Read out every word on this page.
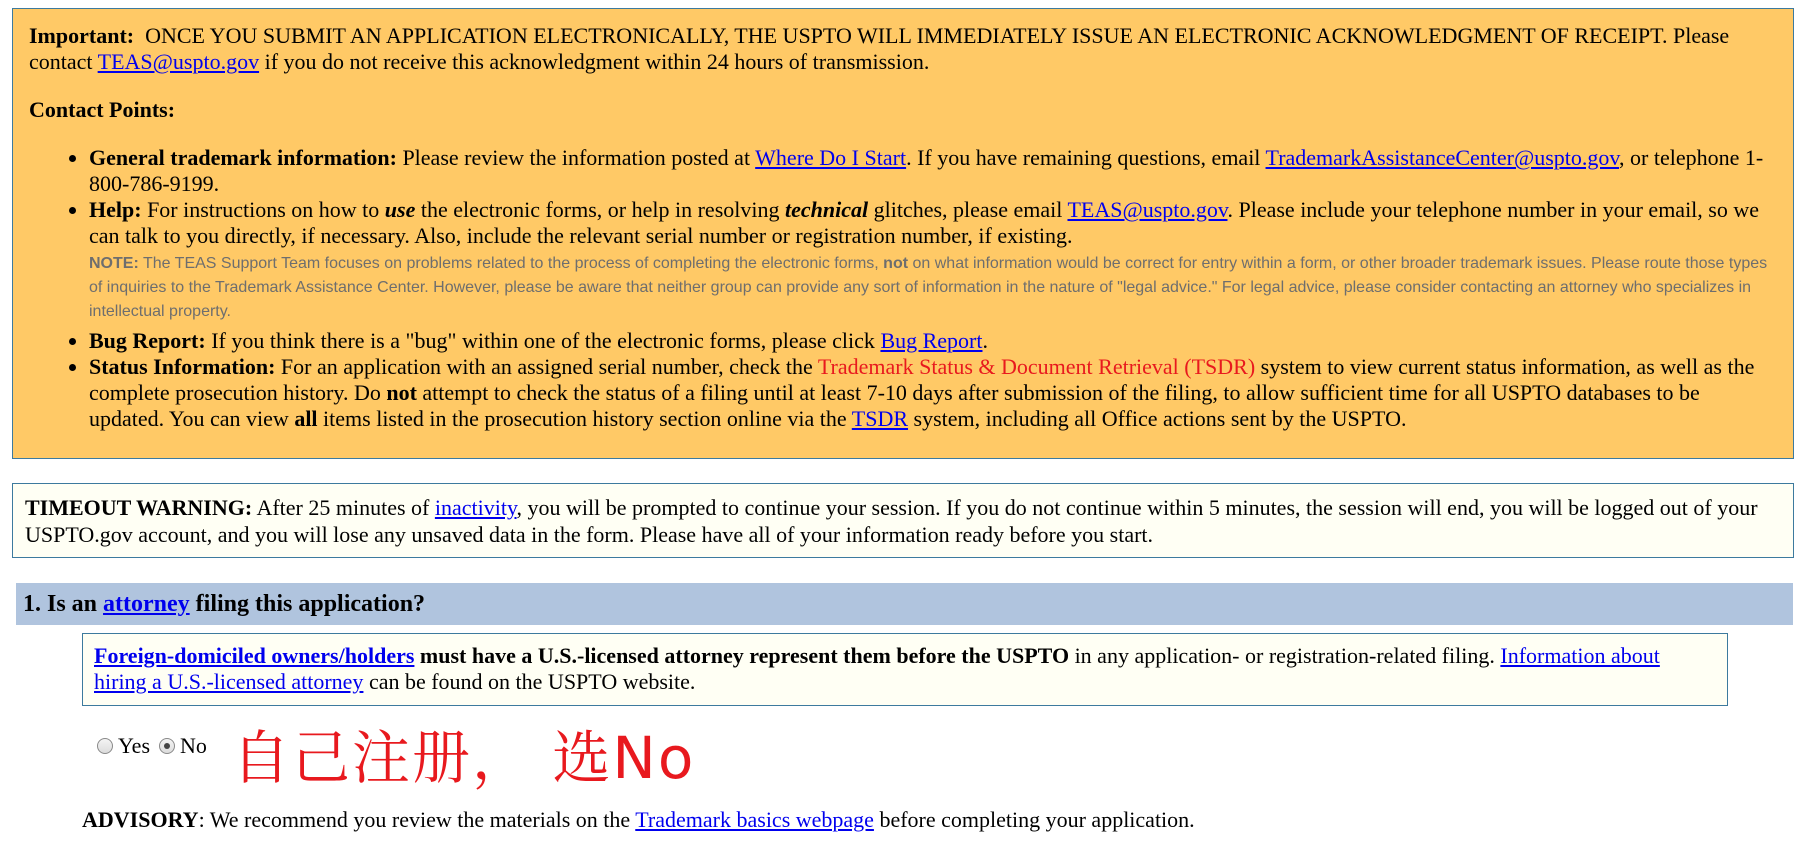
Important: ONCE YOU SUBMIT AN APPLICATION ELECTRONICALLY, THE USPTO WILL IMMEDIATELY ISSUE AN ELECTRONIC ACKNOWLEDGMENT OF RECEIPT. Please contact TEAS@uspto.gov if you do not receive this acknowledgment within 24 hours of transmission.

Contact Points:

• General trademark information: Please review the information posted at Where Do I Start. If you have remaining questions, email TrademarkAssistanceCenter@uspto.gov, or telephone 1-800-786-9199.
• Help: For instructions on how to use the electronic forms, or help in resolving technical glitches, please email TEAS@uspto.gov. Please include your telephone number in your email, so we can talk to you directly, if necessary. Also, include the relevant serial number or registration number, if existing.
NOTE: The TEAS Support Team focuses on problems related to the process of completing the electronic forms, not on what information would be correct for entry within a form, or other broader trademark issues. Please route those types of inquiries to the Trademark Assistance Center. However, please be aware that neither group can provide any sort of information in the nature of "legal advice." For legal advice, please consider contacting an attorney who specializes in intellectual property.
• Bug Report: If you think there is a "bug" within one of the electronic forms, please click Bug Report.
• Status Information: For an application with an assigned serial number, check the Trademark Status & Document Retrieval (TSDR) system to view current status information, as well as the complete prosecution history. Do not attempt to check the status of a filing until at least 7-10 days after submission of the filing, to allow sufficient time for all USPTO databases to be updated. You can view all items listed in the prosecution history section online via the TSDR system, including all Office actions sent by the USPTO.
TIMEOUT WARNING: After 25 minutes of inactivity, you will be prompted to continue your session. If you do not continue within 5 minutes, the session will end, you will be logged out of your USPTO.gov account, and you will lose any unsaved data in the form. Please have all of your information ready before you start.
1. Is an attorney filing this application?
Foreign-domiciled owners/holders must have a U.S.-licensed attorney represent them before the USPTO in any application- or registration-related filing. Information about hiring a U.S.-licensed attorney can be found on the USPTO website.
Yes No 自己注册， 选No
ADVISORY: We recommend you review the materials on the Trademark basics webpage before completing your application.
